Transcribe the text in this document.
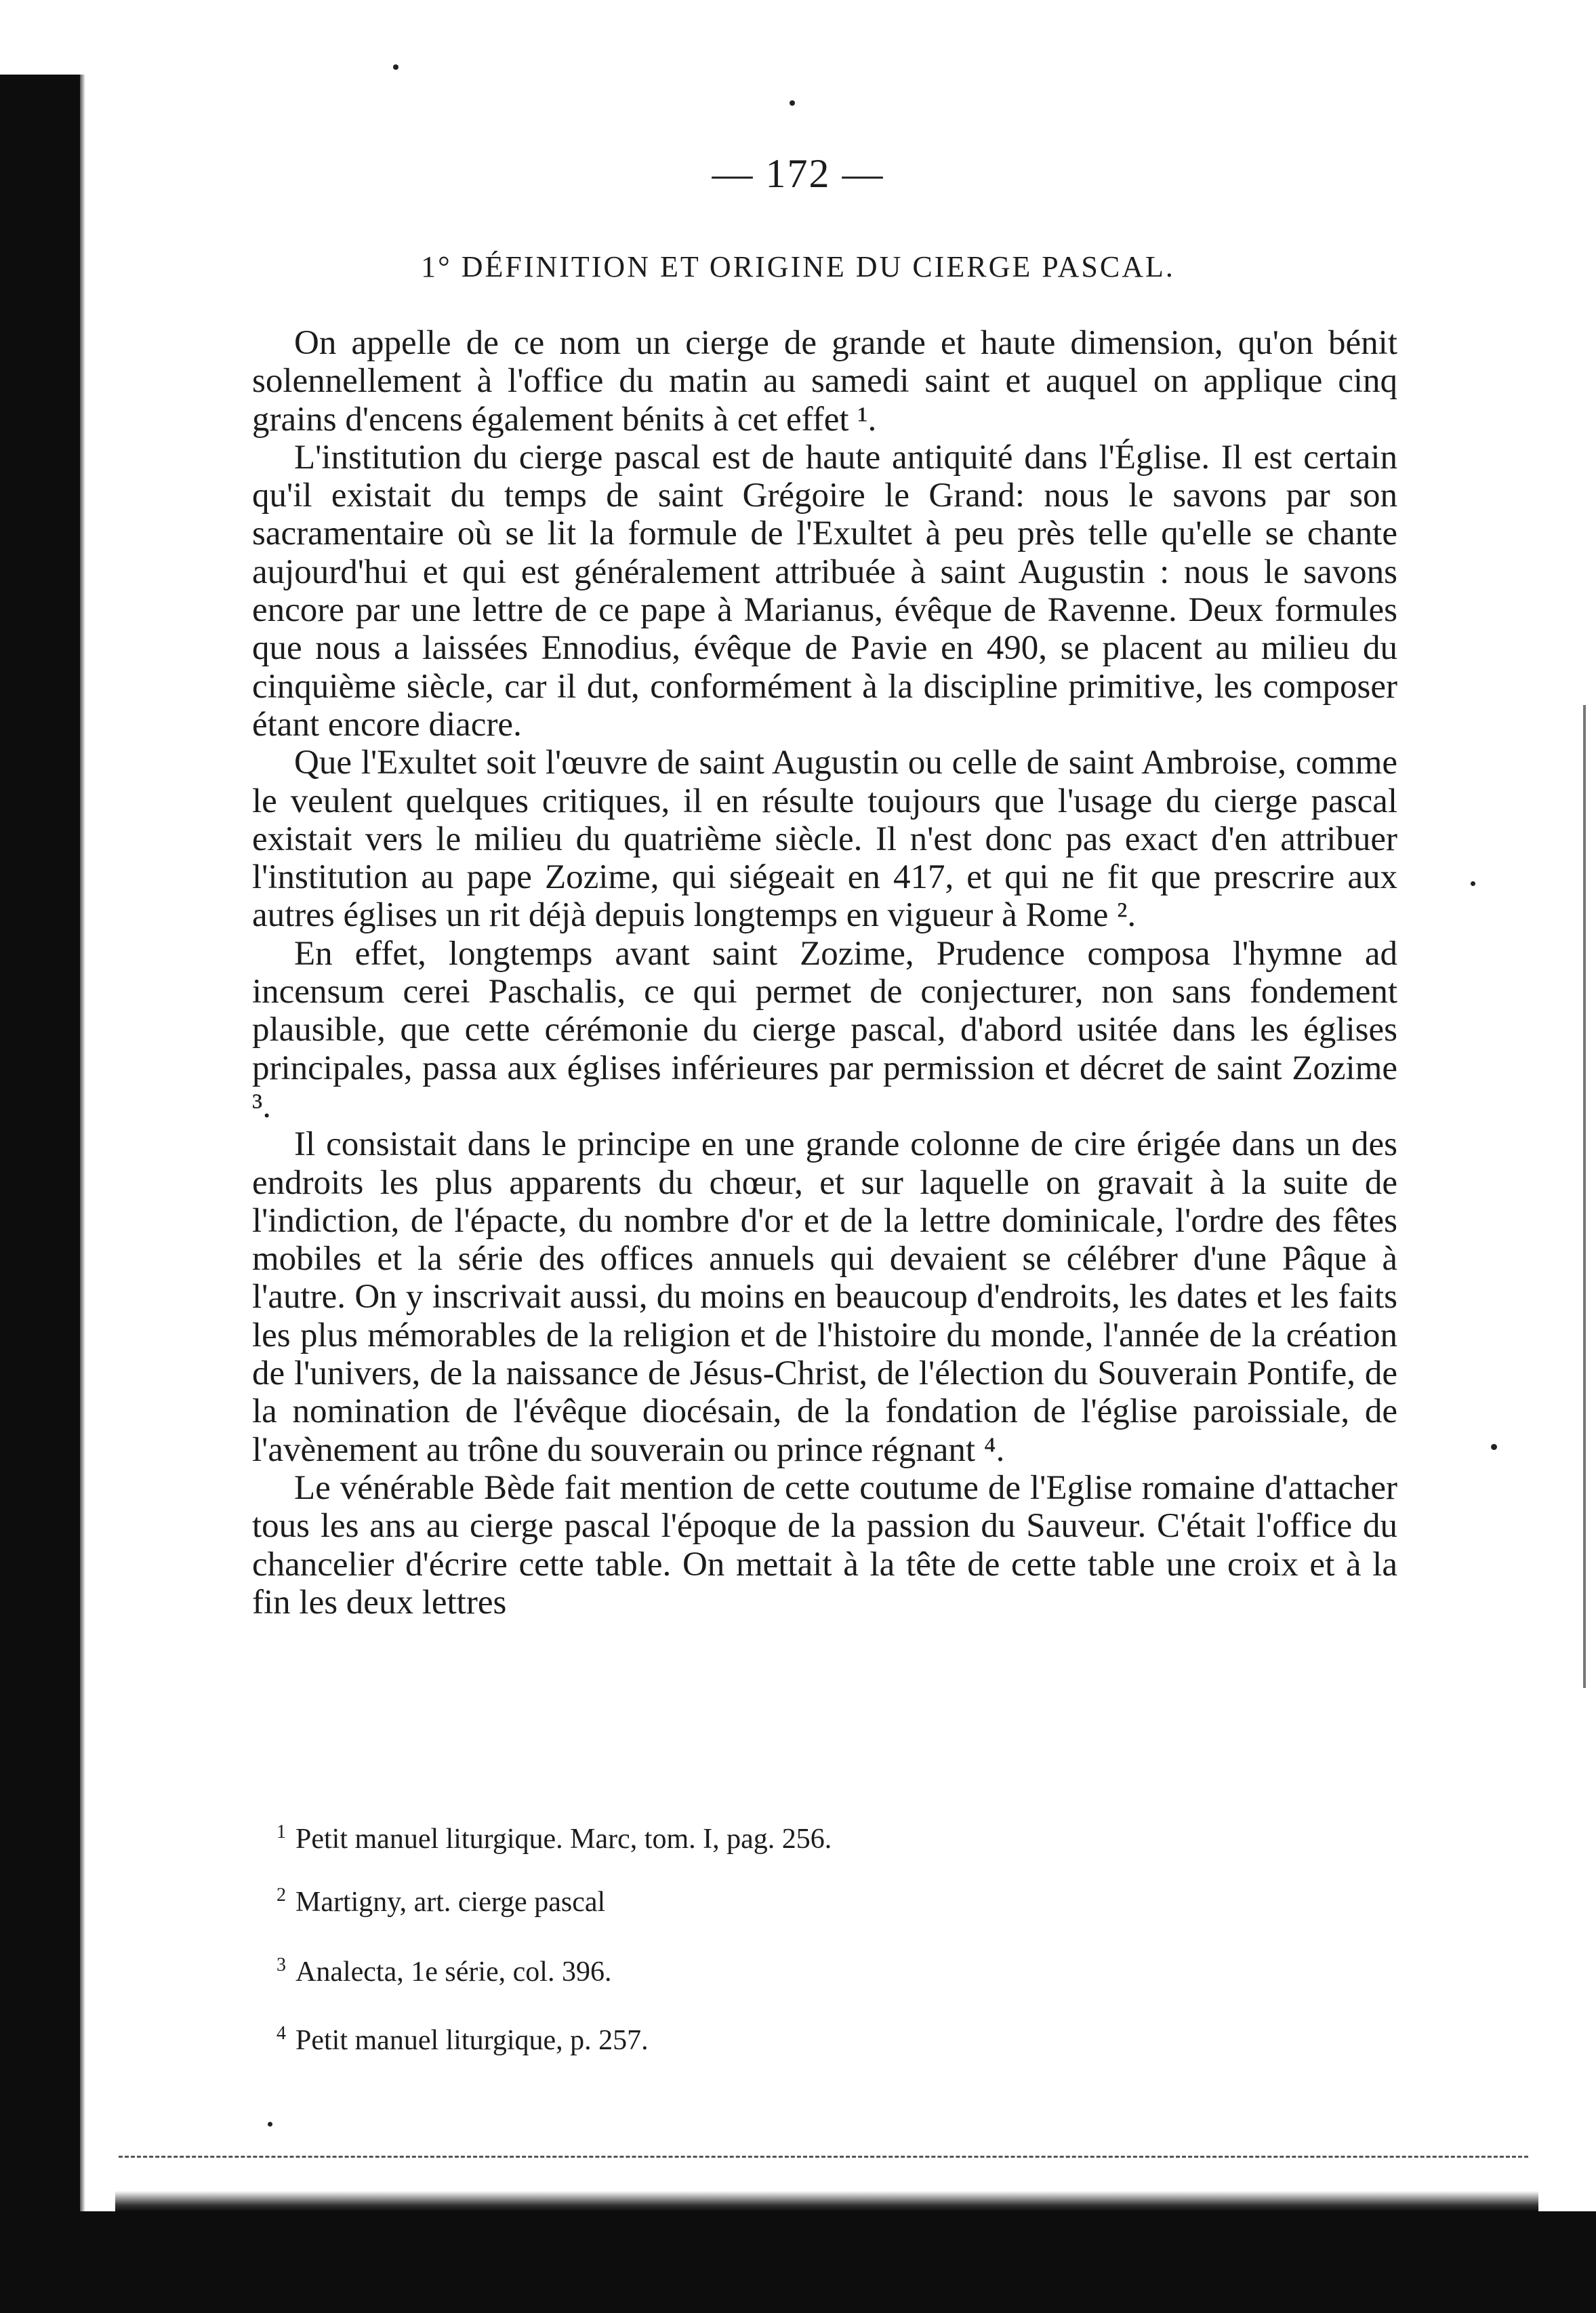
— 172 —
1° DÉFINITION ET ORIGINE DU CIERGE PASCAL.

On appelle de ce nom un cierge de grande et haute dimension, qu'on bénit solennellement à l'office du matin au samedi saint et auquel on applique cinq grains d'encens également bénits à cet effet ¹.

L'institution du cierge pascal est de haute antiquité dans l'Église. Il est certain qu'il existait du temps de saint Grégoire le Grand: nous le savons par son sacramentaire où se lit la formule de l'Exultet à peu près telle qu'elle se chante aujourd'hui et qui est généralement attribuée à saint Augustin : nous le savons encore par une lettre de ce pape à Marianus, évêque de Ravenne. Deux formules que nous a laissées Ennodius, évêque de Pavie en 490, se placent au milieu du cinquième siècle, car il dut, conformément à la discipline primitive, les composer étant encore diacre.

Que l'Exultet soit l'œuvre de saint Augustin ou celle de saint Ambroise, comme le veulent quelques critiques, il en résulte toujours que l'usage du cierge pascal existait vers le milieu du quatrième siècle. Il n'est donc pas exact d'en attribuer l'institution au pape Zozime, qui siégeait en 417, et qui ne fit que prescrire aux autres églises un rit déjà depuis longtemps en vigueur à Rome ².

En effet, longtemps avant saint Zozime, Prudence composa l'hymne ad incensum cerei Paschalis, ce qui permet de conjecturer, non sans fondement plausible, que cette cérémonie du cierge pascal, d'abord usitée dans les églises principales, passa aux églises inférieures par permission et décret de saint Zozime ³.

Il consistait dans le principe en une grande colonne de cire érigée dans un des endroits les plus apparents du chœur, et sur laquelle on gravait à la suite de l'indiction, de l'épacte, du nombre d'or et de la lettre dominicale, l'ordre des fêtes mobiles et la série des offices annuels qui devaient se célébrer d'une Pâque à l'autre. On y inscrivait aussi, du moins en beaucoup d'endroits, les dates et les faits les plus mémorables de la religion et de l'histoire du monde, l'année de la création de l'univers, de la naissance de Jésus-Christ, de l'élection du Souverain Pontife, de la nomination de l'évêque diocésain, de la fondation de l'église paroissiale, de l'avènement au trône du souverain ou prince régnant ⁴.

Le vénérable Bède fait mention de cette coutume de l'Eglise romaine d'attacher tous les ans au cierge pascal l'époque de la passion du Sauveur. C'était l'office du chancelier d'écrire cette table. On mettait à la tête de cette table une croix et à la fin les deux lettres

$^1$ Petit manuel liturgique. Marc, tom. I, pag. 256.
$^2$ Martigny, art. cierge pascal
$^3$ Analecta, 1e série, col. 396.
$^4$ Petit manuel liturgique, p. 257.
